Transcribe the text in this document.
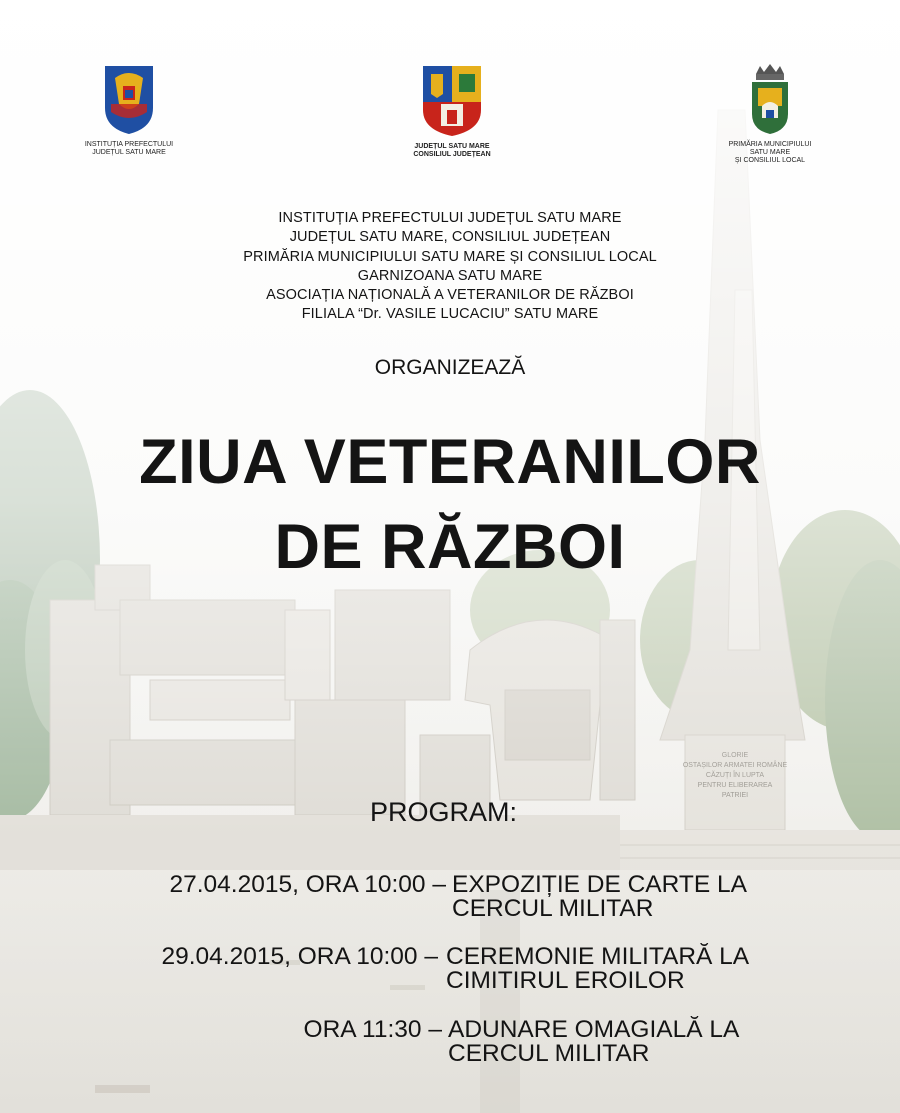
INSTITUȚIA PREFECTULUI
JUDEȚUL SATU MARE
JUDEȚUL SATU MARE
CONSILIUL JUDEȚEAN
PRIMĂRIA MUNICIPIULUI
SATU MARE
ȘI CONSILIUL LOCAL
INSTITUȚIA PREFECTULUI JUDEȚUL SATU MARE
JUDEȚUL SATU MARE, CONSILIUL JUDEȚEAN
PRIMĂRIA MUNICIPIULUI SATU MARE ȘI CONSILIUL LOCAL
GARNIZOANA SATU MARE
ASOCIAȚIA NAȚIONALĂ A VETERANILOR DE RĂZBOI
FILIALA “Dr. VASILE LUCACIU” SATU MARE
ORGANIZEAZĂ
ZIUA VETERANILOR
DE RĂZBOI
PROGRAM:
27.04.2015, ORA 10:00 – EXPOZIȚIE DE CARTE LA
CERCUL MILITAR
29.04.2015, ORA 10:00 – CEREMONIE MILITARĂ LA
CIMITIRUL EROILOR
ORA 11:30 – ADUNARE OMAGIALĂ LA
CERCUL MILITAR
